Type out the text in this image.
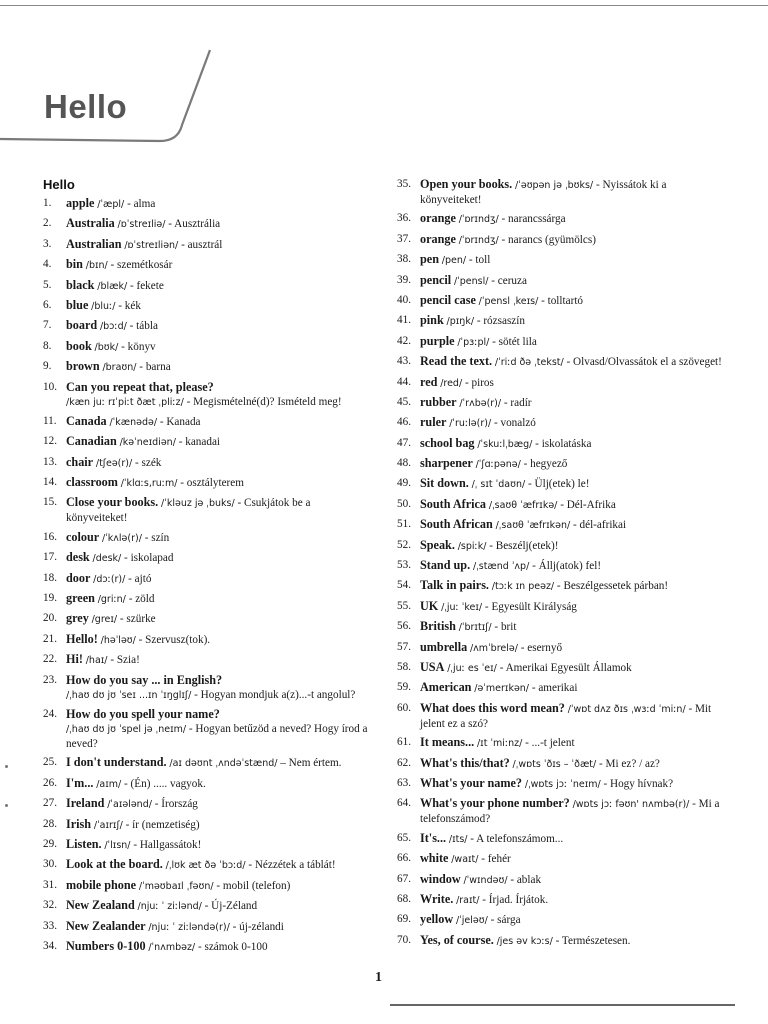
Hello
Hello
1.	apple /ˈæpl/ - alma
2.	Australia /ɒˈstreɪliə/ - Ausztrália
3.	Australian /ɒˈstreɪliən/ - ausztrál
4.	bin /bɪn/ - szemétkosár
5.	black /blæk/ - fekete
6.	blue /bluː/ - kék
7.	board /bɔːd/ - tábla
8.	book /bʊk/ - könyv
9.	brown /braʊn/ - barna
10. Can you repeat that, please?
/kæn juː rɪˈpiːt ðæt ˌpliːz/ - Megismételné(d)? Ismételd meg!
11. Canada /ˈkænədə/ - Kanada
12. Canadian /kəˈneɪdiən/ - kanadai
13. chair /tʃeə(r)/ - szék
14. classroom /ˈklɑːs,ruːm/ - osztályterem
15. Close your books. /ˈkləuz jə ˌbuks/ - Csukjátok be a könyveiteket!
16. colour /ˈkʌlə(r)/ - szín
17. desk /desk/ - iskolapad
18. door /dɔː(r)/ - ajtó
19. green /griːn/ - zöld
20. grey /greɪ/ - szürke
21. Hello! /həˈləʊ/ - Szervusz(tok).
22. Hi! /haɪ/ - Szia!
23. How do you say ... in English?
/ˌhaʊ dʊ jʊ ˈseɪ ...ɪn ˈɪŋglɪʃ/ - Hogyan mondjuk a(z)...-t angolul?
24. How do you spell your name?
/ˌhaʊ dʊ jʊ ˈspel jə ˌneɪm/ - Hogyan betűzöd a neved? Hogy írod a neved?
25. I don't understand. /aɪ dəʊnt ˌʌndəˈstænd/ – Nem értem.
26. I'm... /aɪm/ - (Én) ..... vagyok.
27. Ireland /ˈaɪələnd/ - Írország
28. Irish /ˈaɪrɪʃ/ - ír (nemzetiség)
29. Listen. /ˈlɪsn/ - Hallgassátok!
30. Look at the board. /ˌlʊk æt ðə ˈbɔːd/ - Nézzétek a táblát!
31. mobile phone /ˈməʊbaɪl ˌfəʊn/ - mobil (telefon)
32. New Zealand /njuː ˈ ziːlənd/ - Új-Zéland
33. New Zealander /njuː ˈ ziːləndə(r)/ - új-zélandi
34. Numbers 0-100 /ˈnʌmbəz/ - számok 0-100
35. Open your books. /ˈəʊpən jə ˌbʊks/ - Nyissátok ki a könyveiteket!
36. orange /ˈɒrɪndʒ/ - narancssárga
37. orange /ˈɒrɪndʒ/ - narancs (gyümölcs)
38. pen /pen/ - toll
39. pencil /ˈpensl/ - ceruza
40. pencil case /ˈpensl ˌkeɪs/ - tolltartó
41. pink /pɪŋk/ - rózsaszín
42. purple /ˈpɜːpl/ - sötét lila
43. Read the text. /ˈriːd ðə ˌtekst/ - Olvasd/Olvassátok el a szöveget!
44. red /red/ - piros
45. rubber /ˈrʌbə(r)/ - radír
46. ruler /ˈruːlə(r)/ - vonalzó
47. school bag /ˈskuːlˌbæg/ - iskolatáska
48. sharpener /ˈʃɑːpənə/ - hegyező
49. Sit down. /ˌ sɪt ˈdaʊn/ - Ülj(etek) le!
50. South Africa /ˌsaʊθ ˈæfrɪkə/ - Dél-Afrika
51. South African /ˌsaʊθ ˈæfrɪkən/ - dél-afrikai
52. Speak. /spiːk/ - Beszélj(etek)!
53. Stand up. /ˌstænd ˈʌp/ - Állj(atok) fel!
54. Talk in pairs. /tɔːk ɪn peəz/ - Beszélgessetek párban!
55. UK /ˌjuː ˈkeɪ/ - Egyesült Királyság
56. British /ˈbrɪtɪʃ/ - brit
57. umbrella /ʌmˈbrelə/ - esernyő
58. USA /ˌjuː es ˈeɪ/ - Amerikai Egyesült Államok
59. American /əˈmerɪkən/ - amerikai
60. What does this word mean? /ˈwɒt dʌz ðɪs ˌwɜːd ˈmiːn/ - Mit jelent ez a szó?
61. It means... /ɪt ˈmiːnz/ - ...-t jelent
62. What's this/that? /ˌwɒts ˈðɪs – ˈðæt/ - Mi ez? / az?
63. What's your name? /ˌwɒts jɔː ˈneɪm/ - Hogy hívnak?
64. What's your phone number? /wɒts jɔː fəʊn' nʌmbə(r)/ - Mi a telefonszámod?
65. It's... /ɪts/ - A telefonszámom...
66. white /waɪt/ - fehér
67. window /ˈwɪndəʊ/ - ablak
68. Write. /raɪt/ - Írjad. Írjátok.
69. yellow /ˈjeləʊ/ - sárga
70. Yes, of course. /jes əv kɔːs/ - Természetesen.
1
